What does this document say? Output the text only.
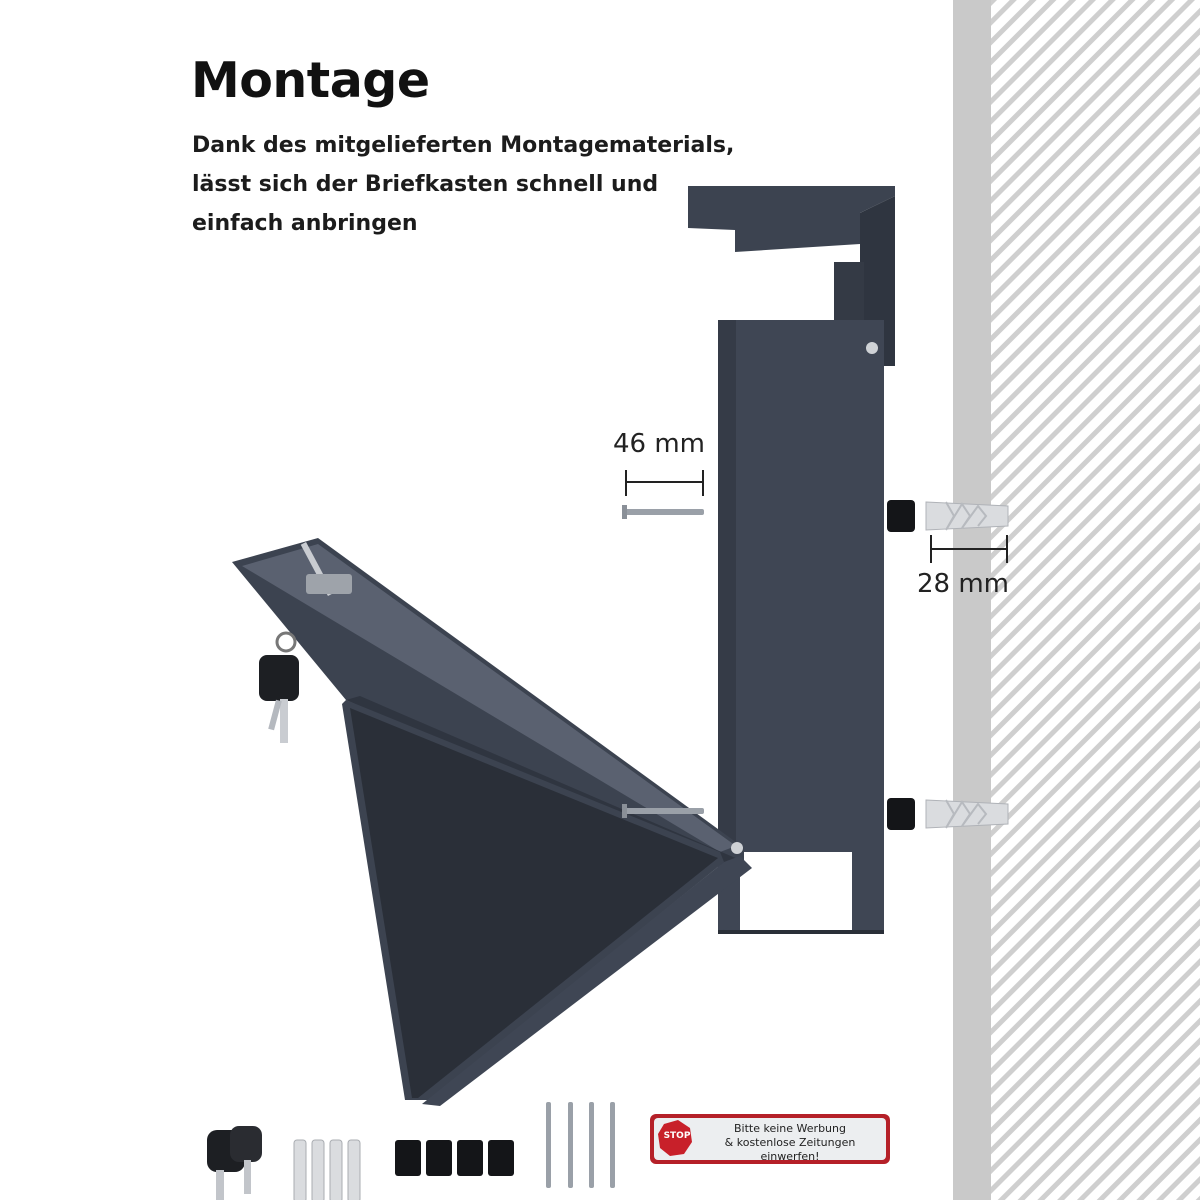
Montage
Dank des mitgelieferten Montagematerials,
lässt sich der Briefkasten schnell und
einfach anbringen
46 mm
28 mm
STOP
Bitte keine Werbung
& kostenlose Zeitungen
einwerfen!
